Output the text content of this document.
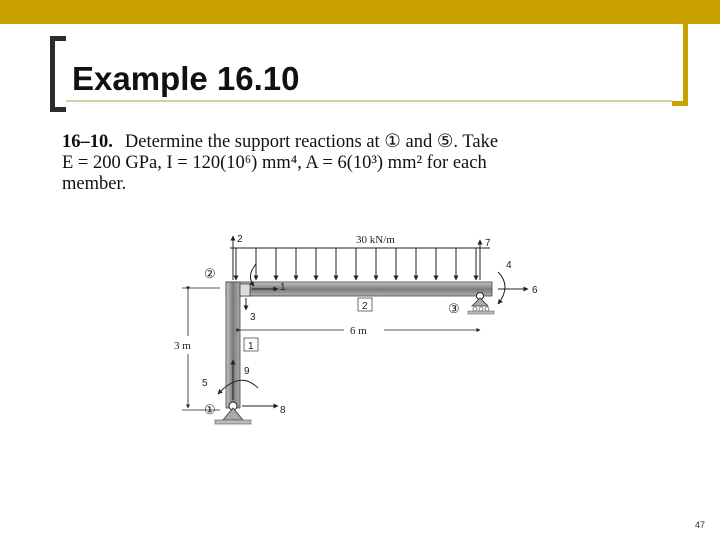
Example 16.10
16–10. Determine the support reactions at ① and ⑤. Take
E = 200 GPa, I = 120(10⁶) mm⁴, A = 6(10³) mm² for each
member.
30 kN/m
②
③
①
2
1
6 m
3 m
2	7
4
6
1
3
9
5
8
47
